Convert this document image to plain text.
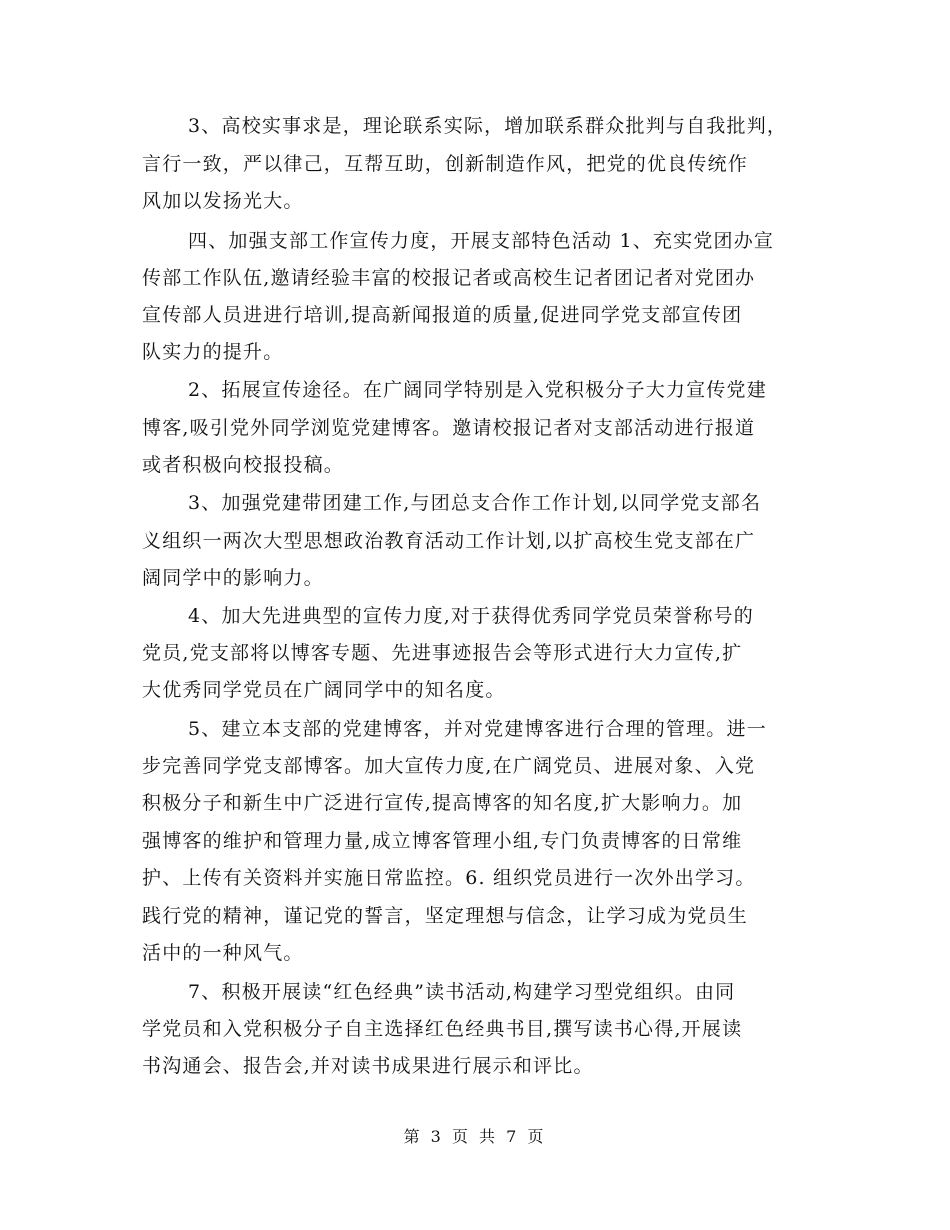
3、高校实事求是，理论联系实际，增加联系群众批判与自我批判，
言行一致，严以律己，互帮互助，创新制造作风，把党的优良传统作
风加以发扬光大。
四、加强支部工作宣传力度，开展支部特色活动 1、充实党团办宣
传部工作队伍,邀请经验丰富的校报记者或高校生记者团记者对党团办
宣传部人员进进行培训,提高新闻报道的质量,促进同学党支部宣传团
队实力的提升。
2、拓展宣传途径。在广阔同学特别是入党积极分子大力宣传党建
博客,吸引党外同学浏览党建博客。邀请校报记者对支部活动进行报道
或者积极向校报投稿。
3、加强党建带团建工作,与团总支合作工作计划,以同学党支部名
义组织一两次大型思想政治教育活动工作计划,以扩高校生党支部在广
阔同学中的影响力。
4、加大先进典型的宣传力度,对于获得优秀同学党员荣誉称号的
党员,党支部将以博客专题、先进事迹报告会等形式进行大力宣传,扩
大优秀同学党员在广阔同学中的知名度。
5、建立本支部的党建博客，并对党建博客进行合理的管理。进一
步完善同学党支部博客。加大宣传力度,在广阔党员、进展对象、入党
积极分子和新生中广泛进行宣传,提高博客的知名度,扩大影响力。加
强博客的维护和管理力量,成立博客管理小组,专门负责博客的日常维
护、上传有关资料并实施日常监控。6. 组织党员进行一次外出学习。
践行党的精神，谨记党的誓言，坚定理想与信念，让学习成为党员生
活中的一种风气。
7、积极开展读“红色经典”读书活动,构建学习型党组织。由同
学党员和入党积极分子自主选择红色经典书目,撰写读书心得,开展读
书沟通会、报告会,并对读书成果进行展示和评比。
第 3 页 共 7 页
